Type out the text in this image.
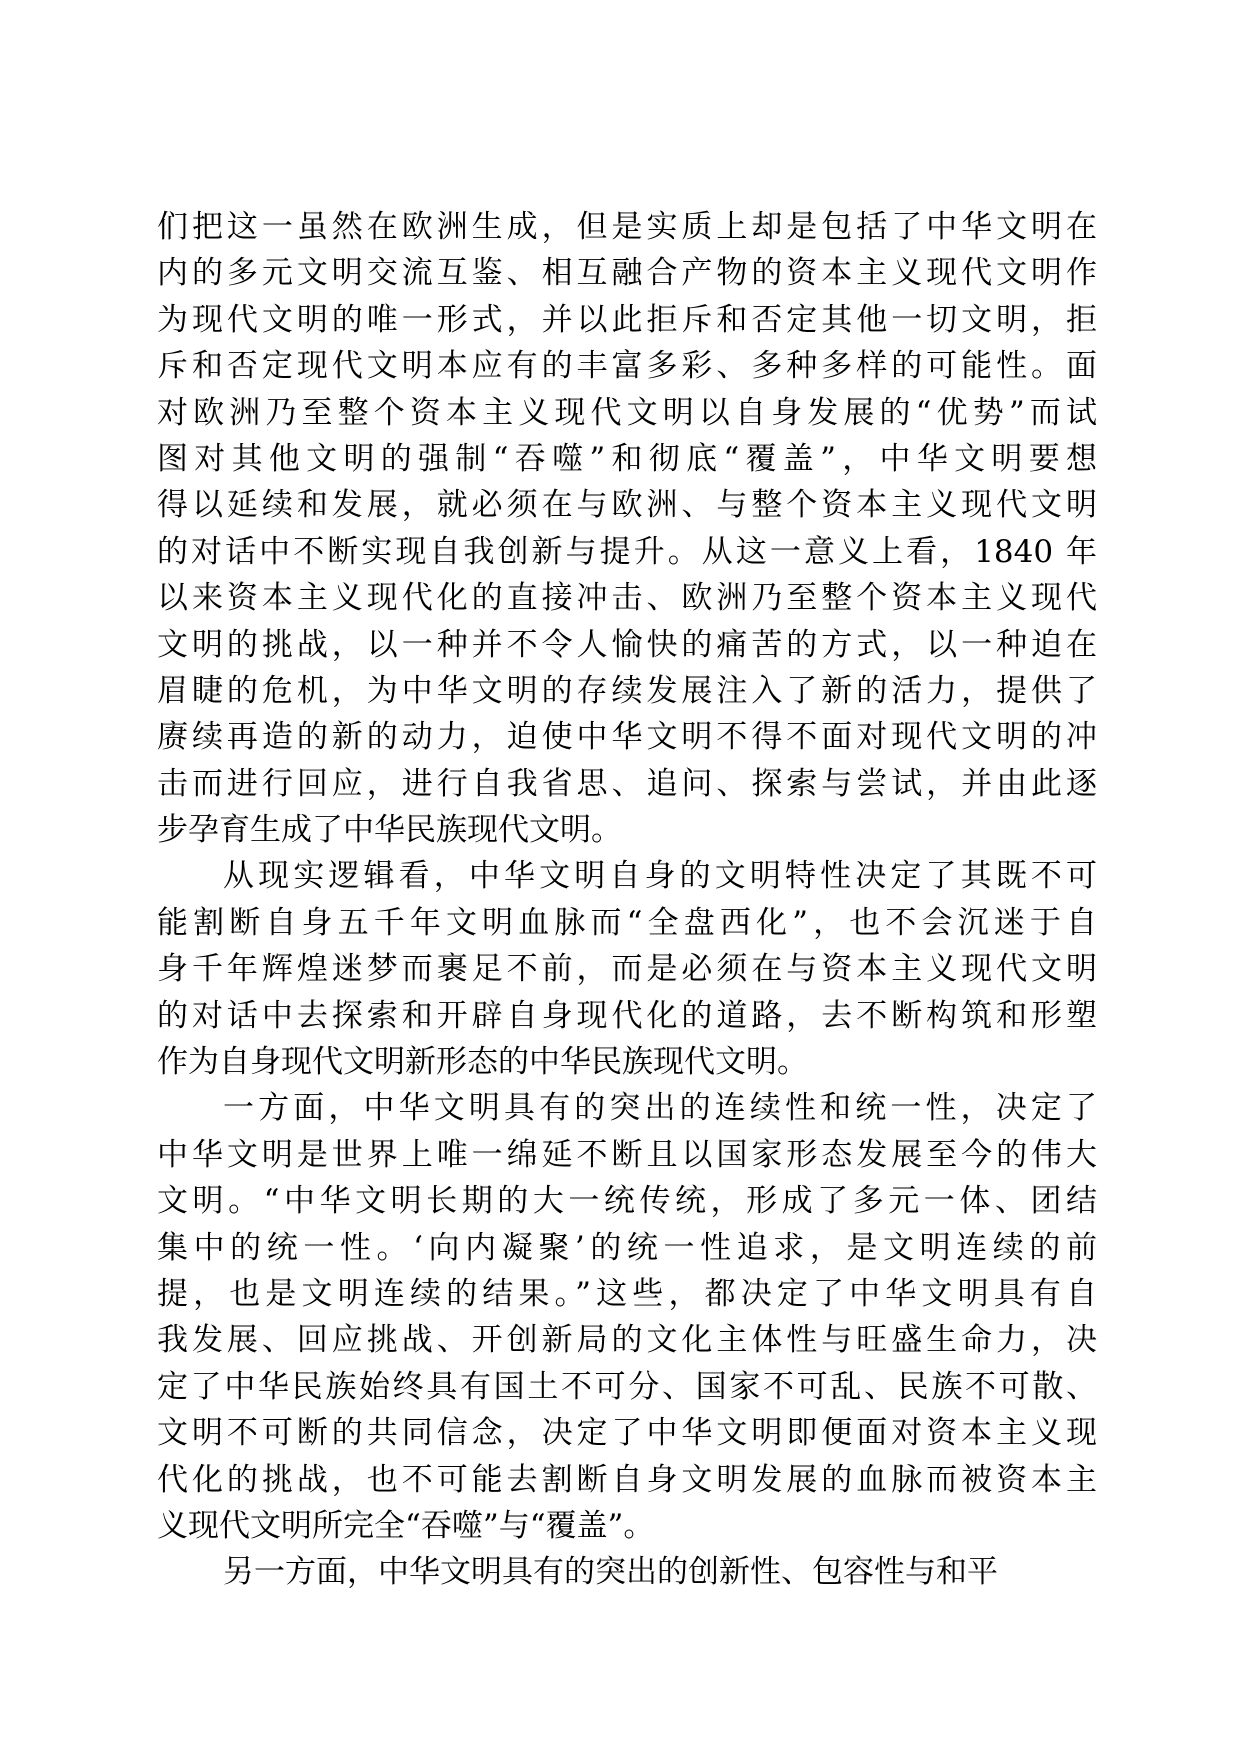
们把这一虽然在欧洲生成，但是实质上却是包括了中华文明在
内的多元文明交流互鉴、相互融合产物的资本主义现代文明作
为现代文明的唯一形式，并以此拒斥和否定其他一切文明，拒
斥和否定现代文明本应有的丰富多彩、多种多样的可能性。面
对欧洲乃至整个资本主义现代文明以自身发展的“优势”而试
图对其他文明的强制“吞噬”和彻底“覆盖”，中华文明要想
得以延续和发展，就必须在与欧洲、与整个资本主义现代文明
的对话中不断实现自我创新与提升。从这一意义上看，1840 年
以来资本主义现代化的直接冲击、欧洲乃至整个资本主义现代
文明的挑战，以一种并不令人愉快的痛苦的方式，以一种迫在
眉睫的危机，为中华文明的存续发展注入了新的活力，提供了
赓续再造的新的动力，迫使中华文明不得不面对现代文明的冲
击而进行回应，进行自我省思、追问、探索与尝试，并由此逐
步孕育生成了中华民族现代文明。
从现实逻辑看，中华文明自身的文明特性决定了其既不可
能割断自身五千年文明血脉而“全盘西化”，也不会沉迷于自
身千年辉煌迷梦而裹足不前，而是必须在与资本主义现代文明
的对话中去探索和开辟自身现代化的道路，去不断构筑和形塑
作为自身现代文明新形态的中华民族现代文明。
一方面，中华文明具有的突出的连续性和统一性，决定了
中华文明是世界上唯一绵延不断且以国家形态发展至今的伟大
文明。“中华文明长期的大一统传统，形成了多元一体、团结
集中的统一性。‘向内凝聚’的统一性追求，是文明连续的前
提，也是文明连续的结果。”这些，都决定了中华文明具有自
我发展、回应挑战、开创新局的文化主体性与旺盛生命力，决
定了中华民族始终具有国土不可分、国家不可乱、民族不可散、
文明不可断的共同信念，决定了中华文明即便面对资本主义现
代化的挑战，也不可能去割断自身文明发展的血脉而被资本主
义现代文明所完全“吞噬”与“覆盖”。
另一方面，中华文明具有的突出的创新性、包容性与和平
